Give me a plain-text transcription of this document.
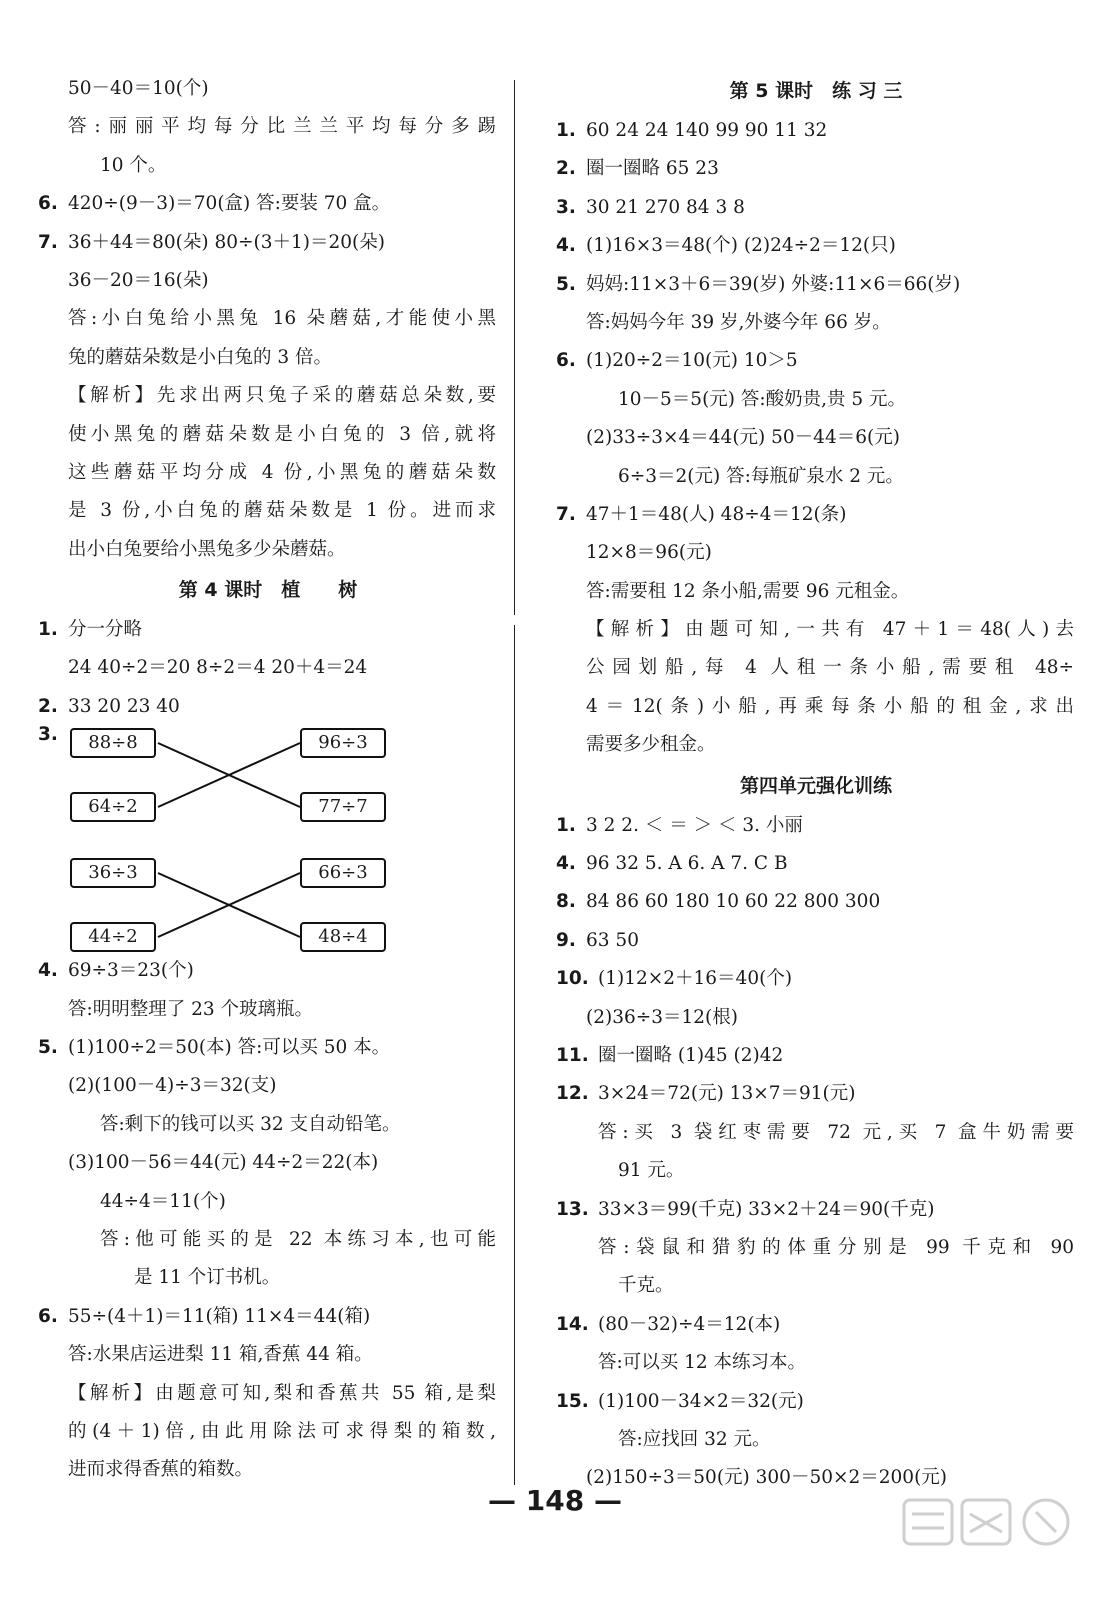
50－40＝10(个)
答:丽丽平均每分比兰兰平均每分多踢
10 个。
6. 420÷(9－3)＝70(盒) 答:要装 70 盒。
7. 36＋44＝80(朵) 80÷(3＋1)＝20(朵)
36－20＝16(朵)
答:小白兔给小黑兔 16 朵蘑菇,才能使小黑
兔的蘑菇朵数是小白兔的 3 倍。
【解析】先求出两只兔子采的蘑菇总朵数,要
使小黑兔的蘑菇朵数是小白兔的 3 倍,就将
这些蘑菇平均分成 4 份,小黑兔的蘑菇朵数
是 3 份,小白兔的蘑菇朵数是 1 份。进而求
出小白兔要给小黑兔多少朵蘑菇。
第 4 课时　植　　树
1. 分一分略
24 40÷2＝20 8÷2＝4 20＋4＝24
2. 33 20 23 40
3.	88÷8
64÷2
96÷3
77÷7
36÷3
44÷2
66÷3
48÷4
4. 69÷3＝23(个)
答:明明整理了 23 个玻璃瓶。
5. (1)100÷2＝50(本) 答:可以买 50 本。
(2)(100－4)÷3＝32(支)
答:剩下的钱可以买 32 支自动铅笔。
(3)100－56＝44(元) 44÷2＝22(本)
44÷4＝11(个)
答:他可能买的是 22 本练习本,也可能
是 11 个订书机。
6. 55÷(4＋1)＝11(箱) 11×4＝44(箱)
答:水果店运进梨 11 箱,香蕉 44 箱。
【解析】由题意可知,梨和香蕉共 55 箱,是梨
的(4＋1)倍,由此用除法可求得梨的箱数,
进而求得香蕉的箱数。
第 5 课时　练 习 三
1. 60 24 24 140 99 90 11 32
2. 圈一圈略 65 23
3. 30 21 270 84 3 8
4. (1)16×3＝48(个) (2)24÷2＝12(只)
5. 妈妈:11×3＋6＝39(岁) 外婆:11×6＝66(岁)
答:妈妈今年 39 岁,外婆今年 66 岁。
6. (1)20÷2＝10(元) 10＞5
10－5＝5(元) 答:酸奶贵,贵 5 元。
(2)33÷3×4＝44(元) 50－44＝6(元)
6÷3＝2(元) 答:每瓶矿泉水 2 元。
7. 47＋1＝48(人) 48÷4＝12(条)
12×8＝96(元)
答:需要租 12 条小船,需要 96 元租金。
【解析】由题可知,一共有 47＋1＝48(人)去
公园划船,每 4 人租一条小船,需要租 48÷
4＝12(条)小船,再乘每条小船的租金,求出
需要多少租金。
第四单元强化训练
1. 3 2 2. ＜ ＝ ＞ ＜ 3. 小丽
4. 96 32 5. A 6. A 7. C B
8. 84 86 60 180 10 60 22 800 300
9. 63 50
10. (1)12×2＋16＝40(个)
(2)36÷3＝12(根)
11. 圈一圈略 (1)45 (2)42
12. 3×24＝72(元) 13×7＝91(元)
答:买 3 袋红枣需要 72 元,买 7 盒牛奶需要
91 元。
13. 33×3＝99(千克) 33×2＋24＝90(千克)
答:袋鼠和猎豹的体重分别是 99 千克和 90
千克。
14. (80－32)÷4＝12(本)
答:可以买 12 本练习本。
15. (1)100－34×2＝32(元)
答:应找回 32 元。
(2)150÷3＝50(元) 300－50×2＝200(元)
— 148 —
